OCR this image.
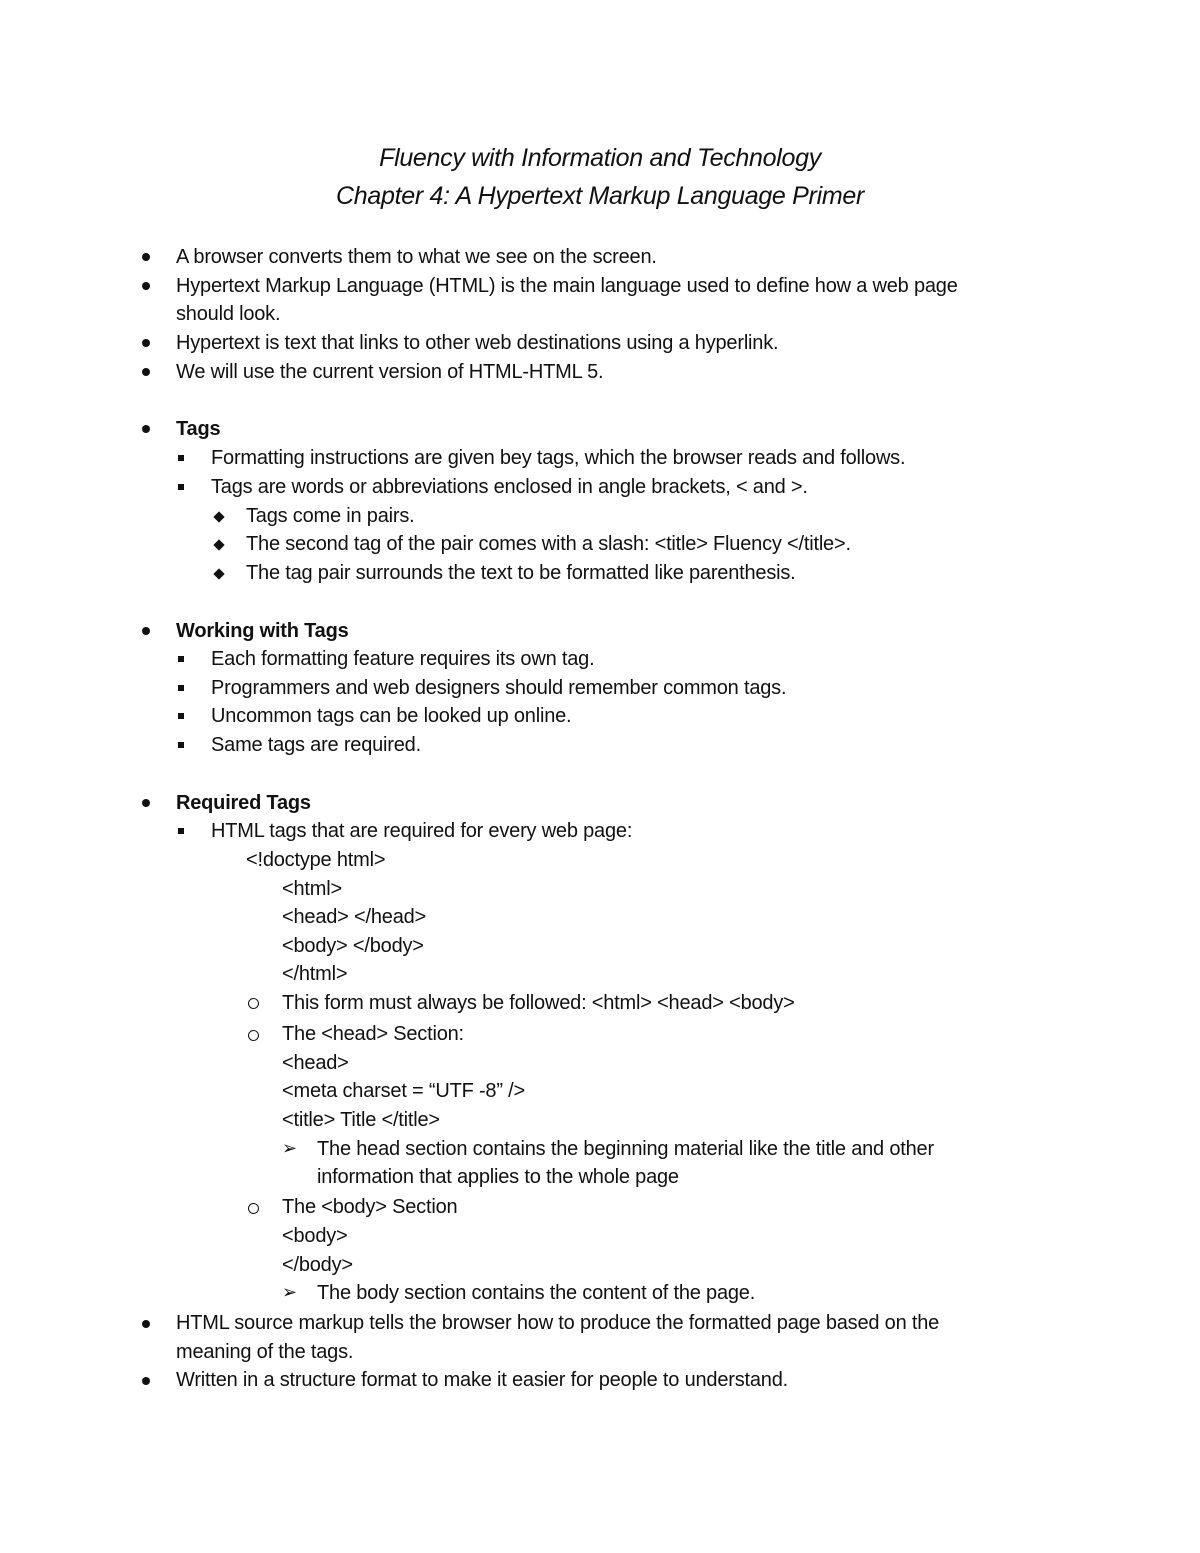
Fluency with Information and Technology
Chapter 4: A Hypertext Markup Language Primer
A browser converts them to what we see on the screen.
Hypertext Markup Language (HTML) is the main language used to define how a web page
should look.
Hypertext is text that links to other web destinations using a hyperlink.
We will use the current version of HTML-HTML 5.
Tags
Formatting instructions are given bey tags, which the browser reads and follows.
Tags are words or abbreviations enclosed in angle brackets, < and >.
Tags come in pairs.
The second tag of the pair comes with a slash: <title> Fluency </title>.
The tag pair surrounds the text to be formatted like parenthesis.
Working with Tags
Each formatting feature requires its own tag.
Programmers and web designers should remember common tags.
Uncommon tags can be looked up online.
Same tags are required.
Required Tags
HTML tags that are required for every web page:
<!doctype html>
<html>
<head> </head>
<body> </body>
</html>
This form must always be followed: <html> <head> <body>
The <head> Section:
<head>
<meta charset = “UTF -8” />
<title> Title </title>
➢ The head section contains the beginning material like the title and other
information that applies to the whole page
The <body> Section
<body>
</body>
➢ The body section contains the content of the page.
HTML source markup tells the browser how to produce the formatted page based on the
meaning of the tags.
Written in a structure format to make it easier for people to understand.
